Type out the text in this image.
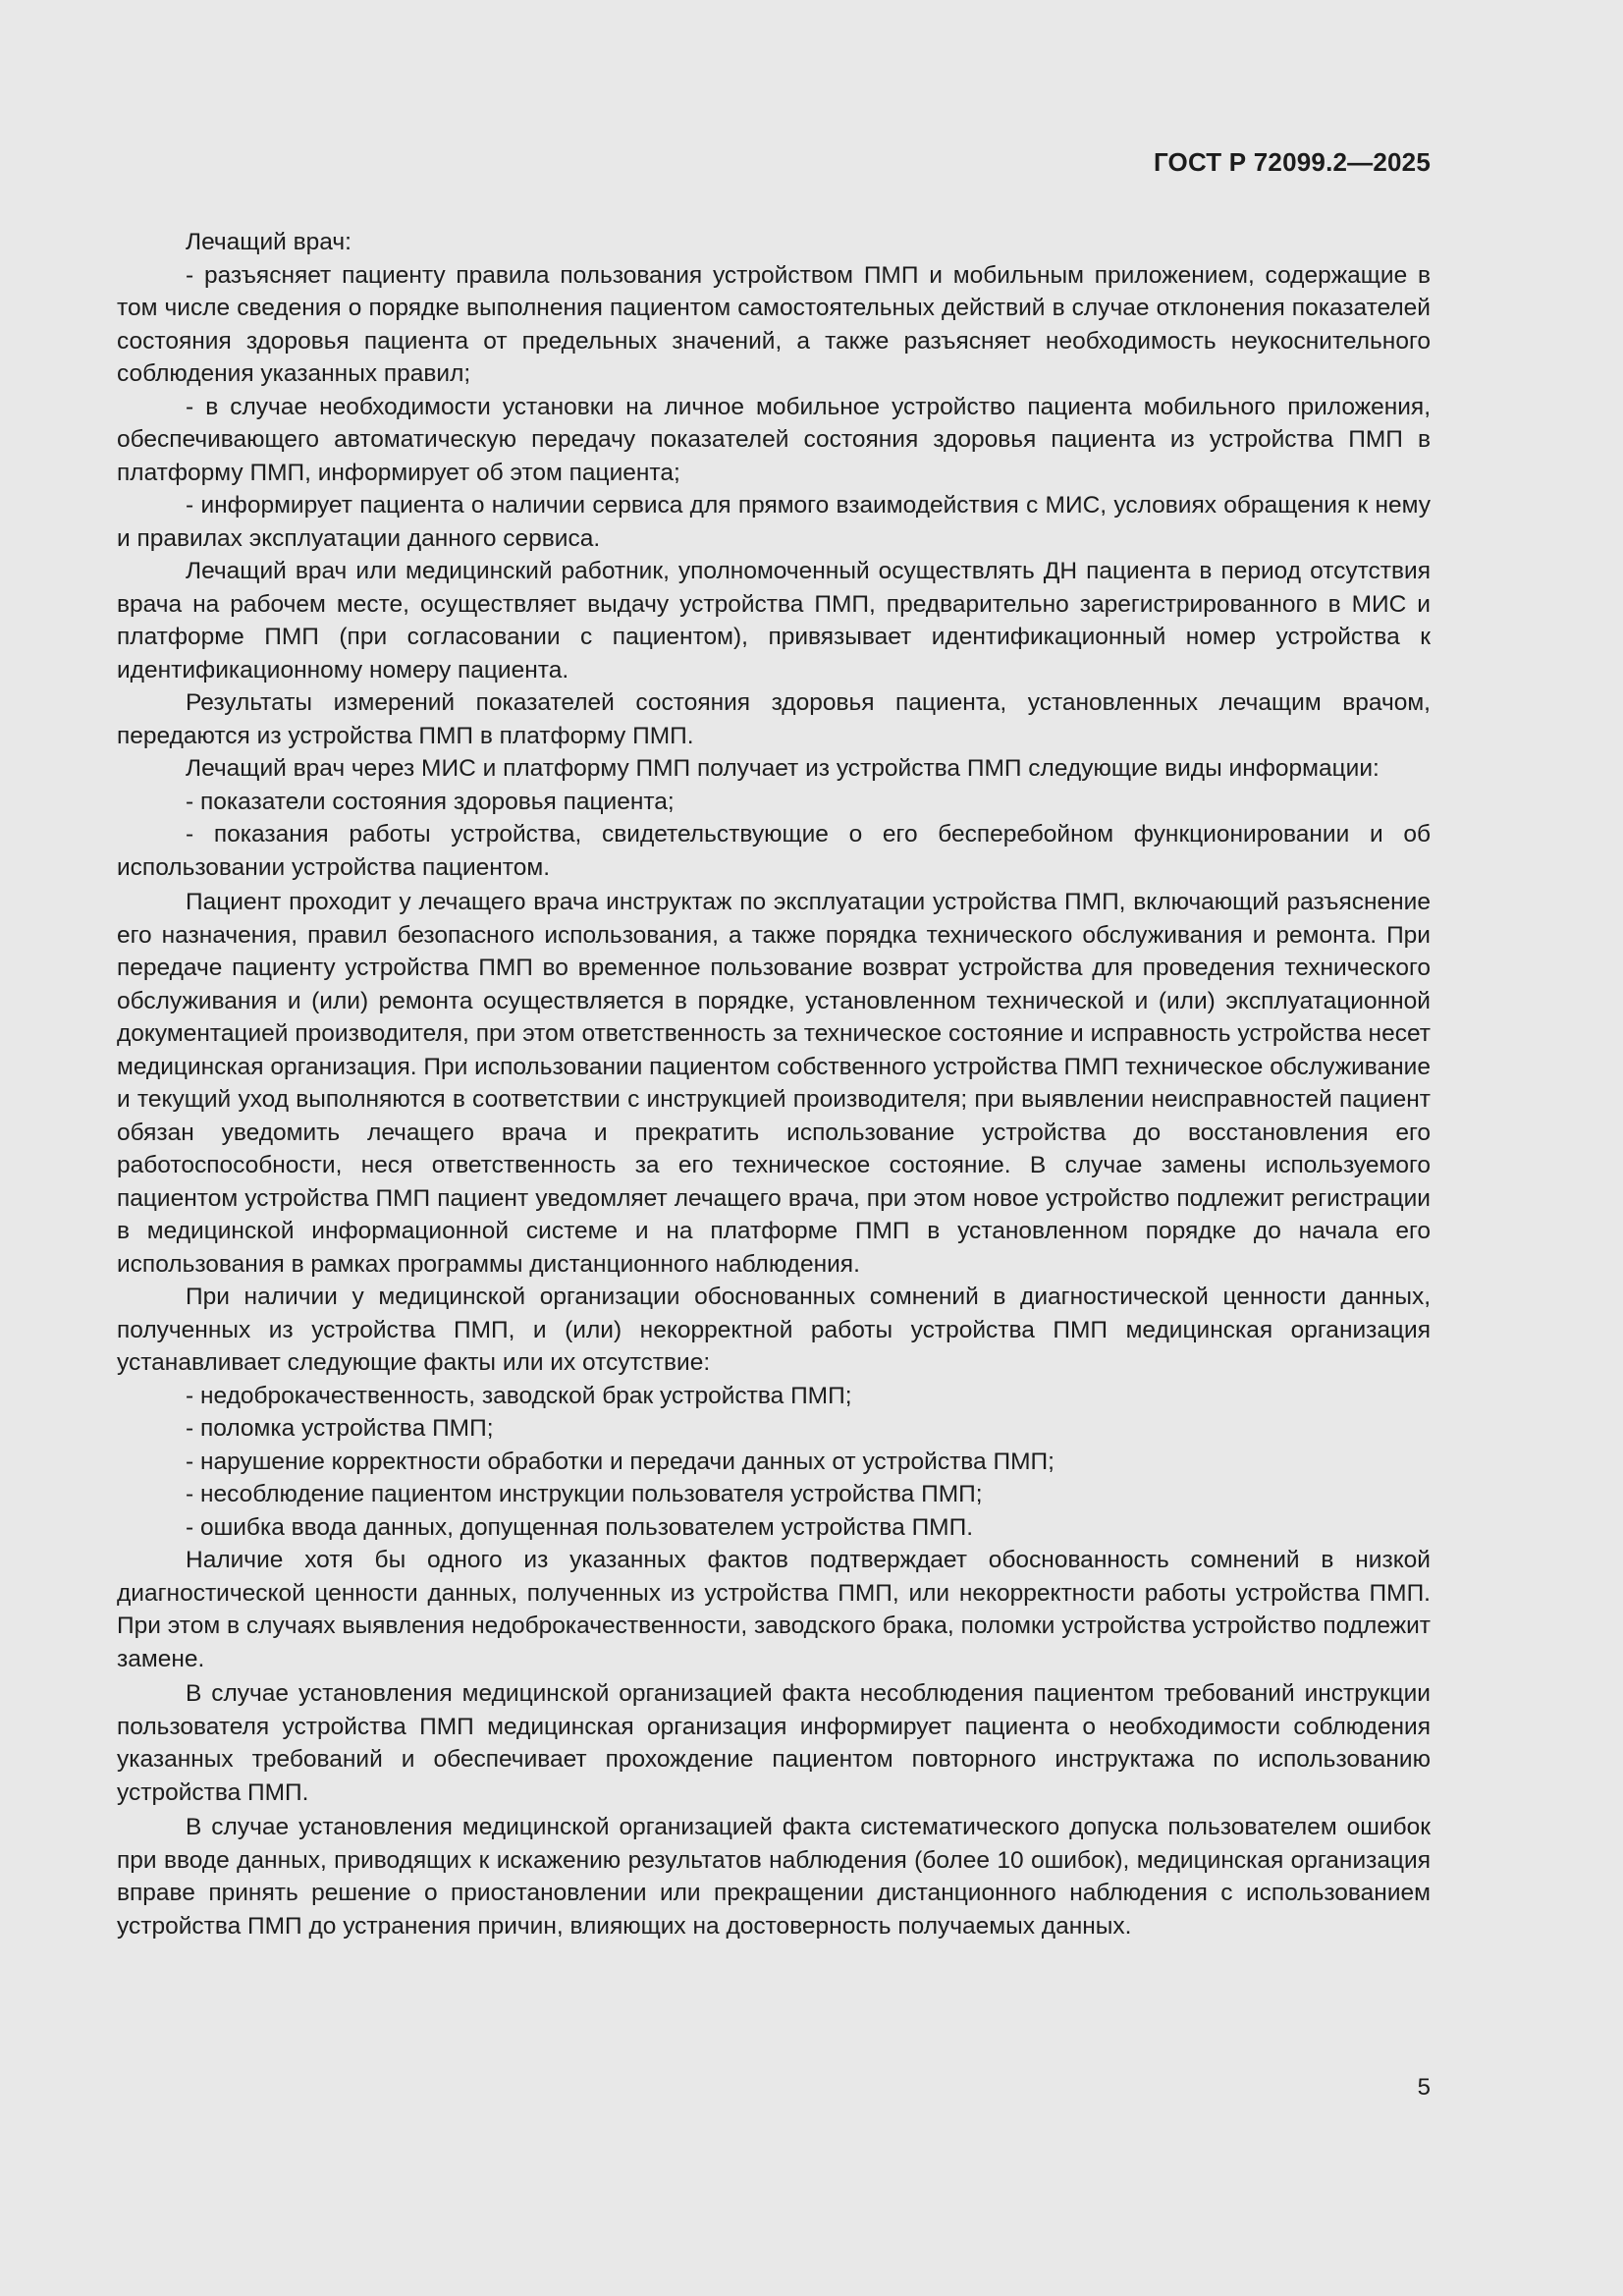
ГОСТ Р 72099.2—2025

Лечащий врач:

- разъясняет пациенту правила пользования устройством ПМП и мобильным приложением, содержащие в том числе сведения о порядке выполнения пациентом самостоятельных действий в случае отклонения показателей состояния здоровья пациента от предельных значений, а также разъясняет необходимость неукоснительного соблюдения указанных правил;

- в случае необходимости установки на личное мобильное устройство пациента мобильного приложения, обеспечивающего автоматическую передачу показателей состояния здоровья пациента из устройства ПМП в платформу ПМП, информирует об этом пациента;

- информирует пациента о наличии сервиса для прямого взаимодействия с МИС, условиях обращения к нему и правилах эксплуатации данного сервиса.

Лечащий врач или медицинский работник, уполномоченный осуществлять ДН пациента в период отсутствия врача на рабочем месте, осуществляет выдачу устройства ПМП, предварительно зарегистрированного в МИС и платформе ПМП (при согласовании с пациентом), привязывает идентификационный номер устройства к идентификационному номеру пациента.

Результаты измерений показателей состояния здоровья пациента, установленных лечащим врачом, передаются из устройства ПМП в платформу ПМП.

Лечащий врач через МИС и платформу ПМП получает из устройства ПМП следующие виды информации:

- показатели состояния здоровья пациента;

- показания работы устройства, свидетельствующие о его бесперебойном функционировании и об использовании устройства пациентом.

Пациент проходит у лечащего врача инструктаж по эксплуатации устройства ПМП, включающий разъяснение его назначения, правил безопасного использования, а также порядка технического обслуживания и ремонта. При передаче пациенту устройства ПМП во временное пользование возврат устройства для проведения технического обслуживания и (или) ремонта осуществляется в порядке, установленном технической и (или) эксплуатационной документацией производителя, при этом ответственность за техническое состояние и исправность устройства несет медицинская организация. При использовании пациентом собственного устройства ПМП техническое обслуживание и текущий уход выполняются в соответствии с инструкцией производителя; при выявлении неисправностей пациент обязан уведомить лечащего врача и прекратить использование устройства до восстановления его работоспособности, неся ответственность за его техническое состояние. В случае замены используемого пациентом устройства ПМП пациент уведомляет лечащего врача, при этом новое устройство подлежит регистрации в медицинской информационной системе и на платформе ПМП в установленном порядке до начала его использования в рамках программы дистанционного наблюдения.

При наличии у медицинской организации обоснованных сомнений в диагностической ценности данных, полученных из устройства ПМП, и (или) некорректной работы устройства ПМП медицинская организация устанавливает следующие факты или их отсутствие:

- недоброкачественность, заводской брак устройства ПМП;

- поломка устройства ПМП;

- нарушение корректности обработки и передачи данных от устройства ПМП;

- несоблюдение пациентом инструкции пользователя устройства ПМП;

- ошибка ввода данных, допущенная пользователем устройства ПМП.

Наличие хотя бы одного из указанных фактов подтверждает обоснованность сомнений в низкой диагностической ценности данных, полученных из устройства ПМП, или некорректности работы устройства ПМП. При этом в случаях выявления недоброкачественности, заводского брака, поломки устройства устройство подлежит замене.

В случае установления медицинской организацией факта несоблюдения пациентом требований инструкции пользователя устройства ПМП медицинская организация информирует пациента о необходимости соблюдения указанных требований и обеспечивает прохождение пациентом повторного инструктажа по использованию устройства ПМП.

В случае установления медицинской организацией факта систематического допуска пользователем ошибок при вводе данных, приводящих к искажению результатов наблюдения (более 10 ошибок), медицинская организация вправе принять решение о приостановлении или прекращении дистанционного наблюдения с использованием устройства ПМП до устранения причин, влияющих на достоверность получаемых данных.

5
